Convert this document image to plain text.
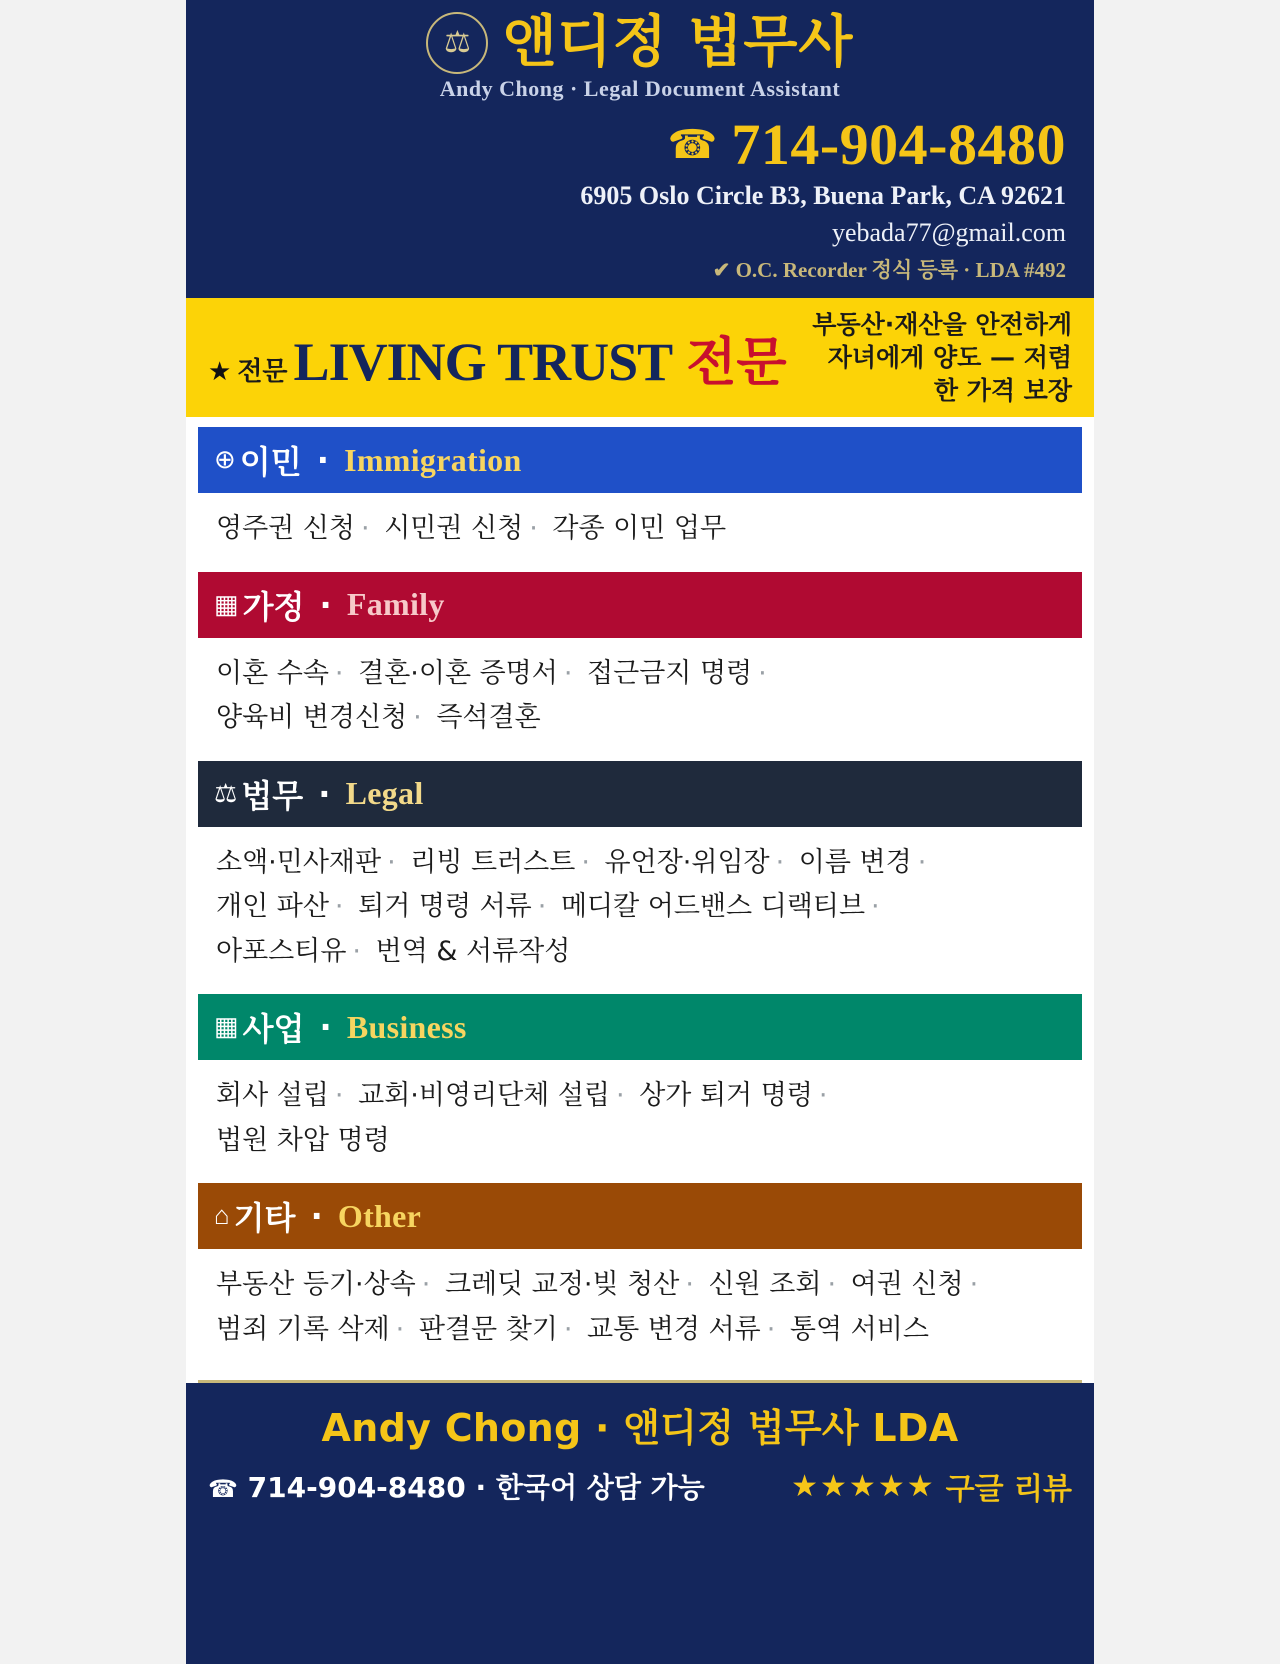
⚖ 앤디정 법무사
Andy Chong · Legal Document Assistant
☎ 714-904-8480
6905 Oslo Circle B3, Buena Park, CA 92621
yebada77@gmail.com
✔ O.C. Recorder 정식 등록 · LDA #492
★ 전문 LIVING TRUST 전문
부동산·재산을 안전하게
자녀에게 양도 — 저렴
한 가격 보장
⊕ 이민 · Immigration
영주권 신청 · 시민권 신청 · 각종 이민 업무
▦ 가정 · Family
이혼 수속 · 결혼·이혼 증명서 · 접근금지 명령 ·
양육비 변경신청 · 즉석결혼
⚖ 법무 · Legal
소액·민사재판 · 리빙 트러스트 · 유언장·위임장 · 이름 변경 ·
개인 파산 · 퇴거 명령 서류 · 메디칼 어드밴스 디랙티브 ·
아포스티유 · 번역 & 서류작성
▦ 사업 · Business
회사 설립 · 교회·비영리단체 설립 · 상가 퇴거 명령 ·
법원 차압 명령
⌂ 기타 · Other
부동산 등기·상속 · 크레딧 교정·빚 청산 · 신원 조회 · 여권 신청 ·
범죄 기록 삭제 · 판결문 찾기 · 교통 변경 서류 · 통역 서비스
Andy Chong · 앤디정 법무사 LDA
☎ 714-904-8480 · 한국어 상담 가능	★★★★★ 구글 리뷰
